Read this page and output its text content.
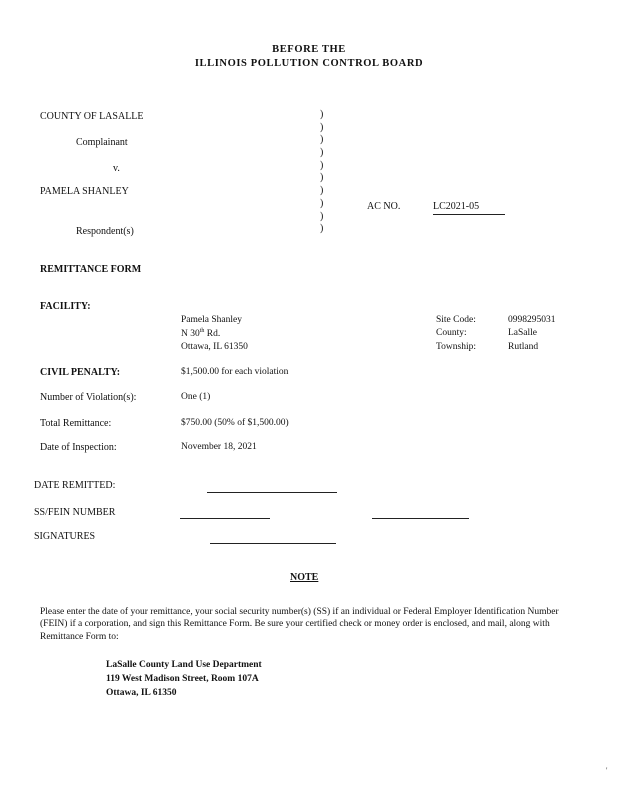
BEFORE THE
ILLINOIS POLLUTION CONTROL BOARD
COUNTY OF LASALLE
Complainant
v.
PAMELA SHANLEY
Respondent(s)
)
)
)
)
)
)
)
)
)
)
AC NO.	LC2021-05
REMITTANCE FORM
FACILITY:
Pamela Shanley
N 30th Rd.
Ottawa, IL 61350
Site Code:	0998295031
County:	LaSalle
Township:	Rutland
CIVIL PENALTY:	$1,500.00 for each violation
Number of Violation(s):	One (1)
Total Remittance:	$750.00 (50% of $1,500.00)
Date of Inspection:	November 18, 2021
DATE REMITTED:
SS/FEIN NUMBER
SIGNATURES
NOTE
Please enter the date of your remittance, your social security number(s) (SS) if an individual or Federal Employer Identification Number (FEIN) if a corporation, and sign this Remittance Form. Be sure your certified check or money order is enclosed, and mail, along with Remittance Form to:
LaSalle County Land Use Department
119 West Madison Street, Room 107A
Ottawa, IL 61350
'
